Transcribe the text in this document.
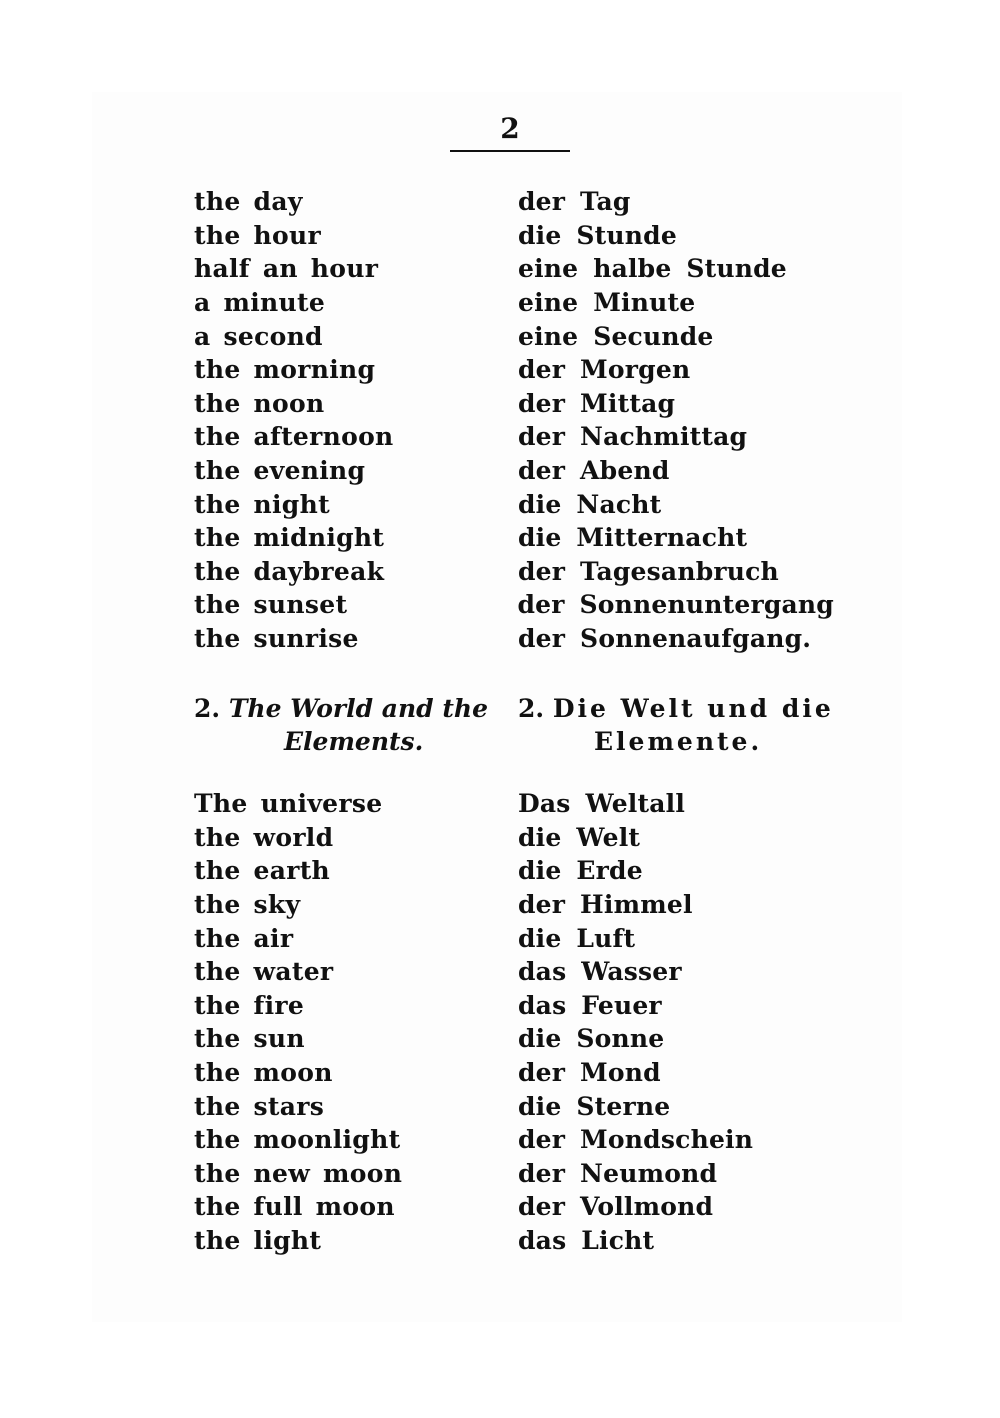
2
the day	der Tag
the hour	die Stunde
half an hour	eine halbe Stunde
a minute	eine Minute
a second	eine Secunde
the morning	der Morgen
the noon	der Mittag
the afternoon	der Nachmittag
the evening	der Abend
the night	die Nacht
the midnight	die Mitternacht
the daybreak	der Tagesanbruch
the sunset	der Sonnenuntergang
the sunrise	der Sonnenaufgang.
2. The World and the
Elements.
2. Die Welt und die
Elemente.
The universe	Das Weltall
the world	die Welt
the earth	die Erde
the sky	der Himmel
the air	die Luft
the water	das Wasser
the fire	das Feuer
the sun	die Sonne
the moon	der Mond
the stars	die Sterne
the moonlight	der Mondschein
the new moon	der Neumond
the full moon	der Vollmond
the light	das Licht
